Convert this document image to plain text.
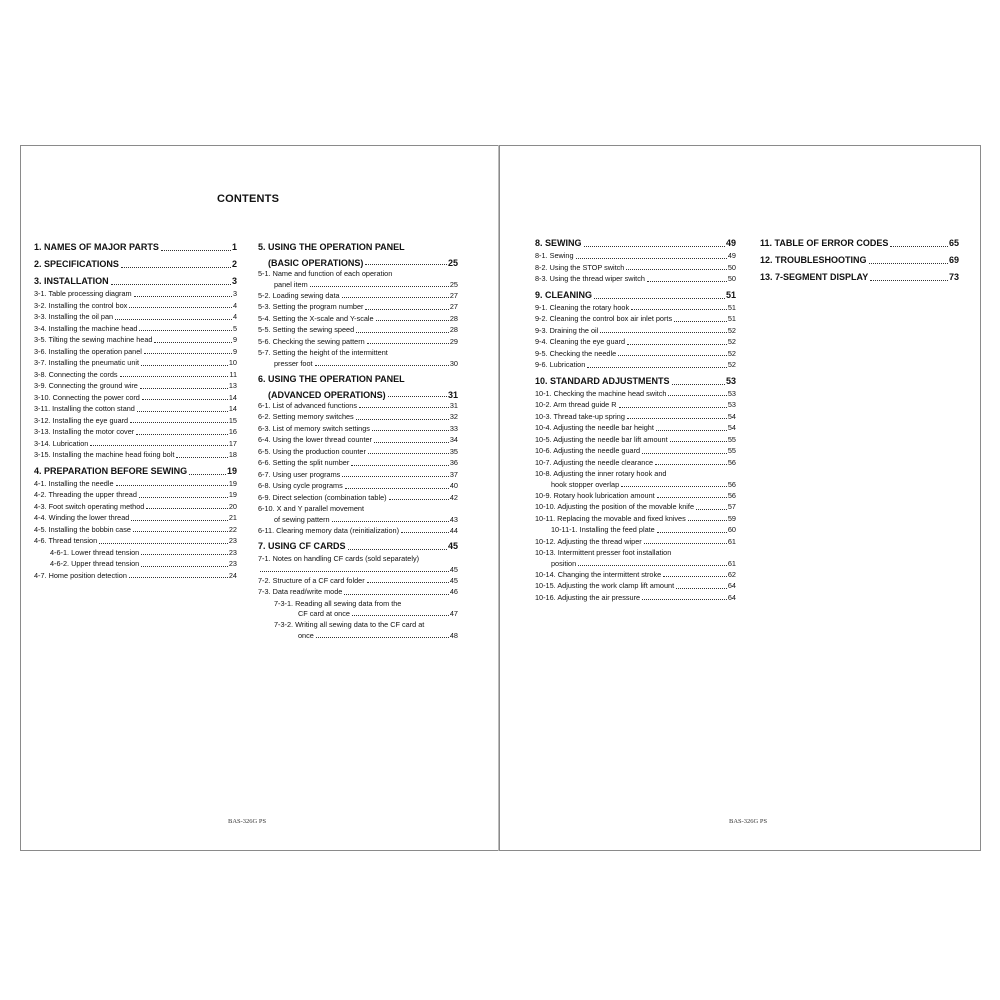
CONTENTS
1. NAMES OF MAJOR PARTS	1
2. SPECIFICATIONS	2
3. INSTALLATION	3
3-1. Table processing diagram	3
3-2. Installing the control box	4
3-3. Installing the oil pan	4
3-4. Installing the machine head	5
3-5. Tilting the sewing machine head	9
3-6. Installing the operation panel	9
3-7. Installing the pneumatic unit	10
3-8. Connecting the cords	11
3-9. Connecting the ground wire	13
3-10. Connecting the power cord	14
3-11. Installing the cotton stand	14
3-12. Installing the eye guard	15
3-13. Installing the motor cover	16
3-14. Lubrication	17
3-15. Installing the machine head fixing bolt	18
4. PREPARATION BEFORE SEWING	19
4-1. Installing the needle	19
4-2. Threading the upper thread	19
4-3. Foot switch operating method	20
4-4. Winding the lower thread	21
4-5. Installing the bobbin case	22
4-6. Thread tension	23
4-6-1. Lower thread tension	23
4-6-2. Upper thread tension	23
4-7. Home position detection	24
5. USING THE OPERATION PANEL
(BASIC OPERATIONS)	25
5-1. Name and function of each operation
panel item	25
5-2. Loading sewing data	27
5-3. Setting the program number	27
5-4. Setting the X-scale and Y-scale	28
5-5. Setting the sewing speed	28
5-6. Checking the sewing pattern	29
5-7. Setting the height of the intermittent
presser foot	30
6. USING THE OPERATION PANEL
(ADVANCED OPERATIONS)	31
6-1. List of advanced functions	31
6-2. Setting memory switches	32
6-3. List of memory switch settings	33
6-4. Using the lower thread counter	34
6-5. Using the production counter	35
6-6. Setting the split number	36
6-7. Using user programs	37
6-8. Using cycle programs	40
6-9. Direct selection (combination table)	42
6-10. X and Y parallel movement
of sewing pattern	43
6-11. Clearing memory data (reinitialization)	44
7. USING CF CARDS	45
7-1. Notes on handling CF cards (sold separately)
45
7-2. Structure of a CF card folder	45
7-3. Data read/write mode	46
7-3-1. Reading all sewing data from the
CF card at once	47
7-3-2. Writing all sewing data to the CF card at
once	48
8. SEWING	49
8-1. Sewing	49
8-2. Using the STOP switch	50
8-3. Using the thread wiper switch	50
9. CLEANING	51
9-1. Cleaning the rotary hook	51
9-2. Cleaning the control box air inlet ports	51
9-3. Draining the oil	52
9-4. Cleaning the eye guard	52
9-5. Checking the needle	52
9-6. Lubrication	52
10. STANDARD ADJUSTMENTS	53
10-1. Checking the machine head switch	53
10-2. Arm thread guide R	53
10-3. Thread take-up spring	54
10-4. Adjusting the needle bar height	54
10-5. Adjusting the needle bar lift amount	55
10-6. Adjusting the needle guard	55
10-7. Adjusting the needle clearance	56
10-8. Adjusting the inner rotary hook and
hook stopper overlap	56
10-9. Rotary hook lubrication amount	56
10-10. Adjusting the position of the movable knife	57
10-11. Replacing the movable and fixed knives	59
10-11-1. Installing the feed plate	60
10-12. Adjusting the thread wiper	61
10-13. Intermittent presser foot installation
position	61
10-14. Changing the intermittent stroke	62
10-15. Adjusting the work clamp lift amount	64
10-16. Adjusting the air pressure	64
11. TABLE OF ERROR CODES	65
12. TROUBLESHOOTING	69
13. 7-SEGMENT DISPLAY	73

BAS-326G PS	BAS-326G PS
